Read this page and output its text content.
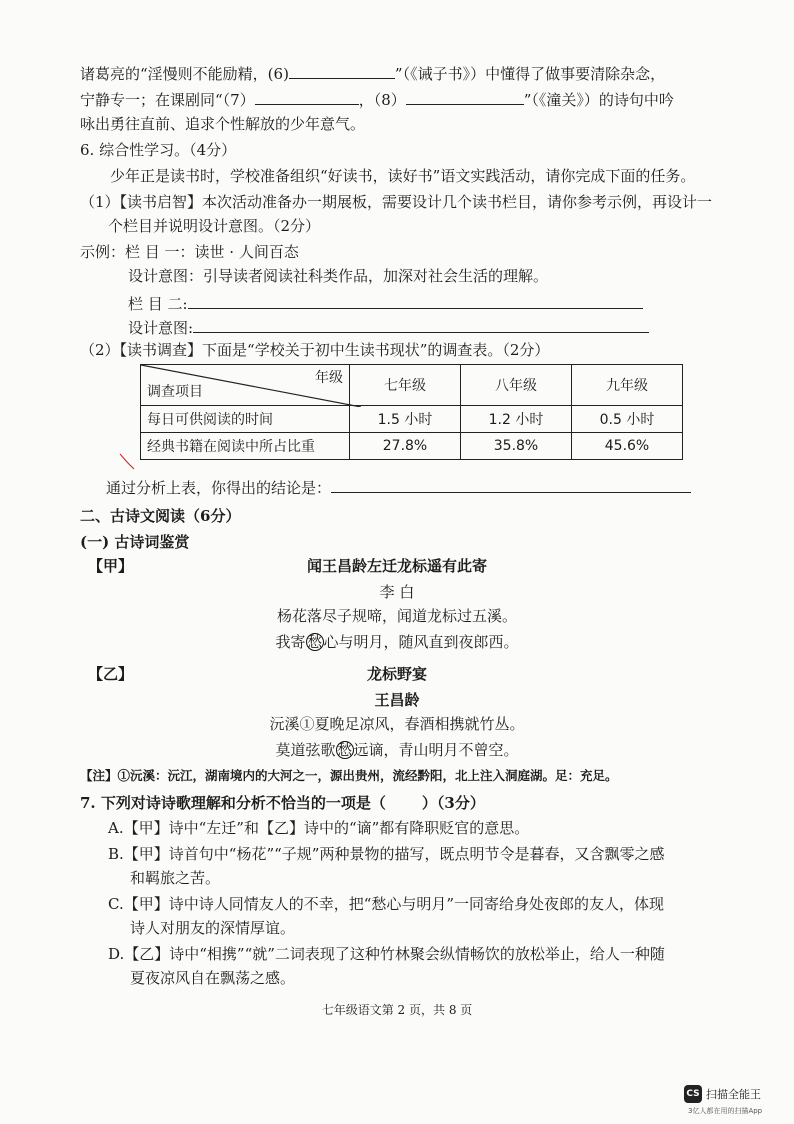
诸葛亮的“淫慢则不能励精，(6)	”（《诫子书》）中懂得了做事要清除杂念，
宁静专一；在课剧同“（7）	，（8）	”（《潼关》）的诗句中吟
咏出勇往直前、追求个性解放的少年意气。
6. 综合性学习。（4分）
少年正是读书时，学校准备组织“好读书，读好书”语文实践活动，请你完成下面的任务。
（1）【读书启智】本次活动准备办一期展板，需要设计几个读书栏目，请你参考示例，再设计一
个栏目并说明设计意图。（2分）
示例：栏 目 一：读世 · 人间百态
设计意图：引导读者阅读社科类作品，加深对社会生活的理解。
栏 目 二:
设计意图:
（2）【读书调查】下面是“学校关于初中生读书现状”的调查表。（2分）
年级
调查项目	七年级	八年级	九年级
每日可供阅读的时间	1.5 小时	1.2 小时	0.5 小时
经典书籍在阅读中所占比重	27.8%	35.8%	45.6%
通过分析上表，你得出的结论是：
二、古诗文阅读（6分）
(一) 古诗词鉴赏
【甲】	闻王昌龄左迁龙标遥有此寄
李 白
杨花落尽子规啼，闻道龙标过五溪。
我寄愁 心与明月，随风直到夜郎西。
【乙】	龙标野宴
王昌龄
沅溪①夏晚足凉风，春酒相携就竹丛。
莫道弦歌愁 远谪，青山明月不曾空。
【注】①沅溪：沅江，湖南境内的大河之一，源出贵州，流经黔阳，北上注入洞庭湖。足：充足。
7. 下列对诗诗歌理解和分析不恰当的一项是（ ）（3分）
A.【甲】诗中“左迁”和【乙】诗中的“谪”都有降职贬官的意思。
B.【甲】诗首句中“杨花”“子规”两种景物的描写，既点明节令是暮春，又含飘零之感
和羁旅之苦。
C.【甲】诗中诗人同情友人的不幸，把“愁心与明月”一同寄给身处夜郎的友人，体现
诗人对朋友的深情厚谊。
D.【乙】诗中“相携”“就”二词表现了这种竹林聚会纵情畅饮的放松举止，给人一种随
夏夜凉风自在飘荡之感。
七年级语文第 2 页，共 8 页
CS 扫描全能王
3亿人都在用的扫描App
